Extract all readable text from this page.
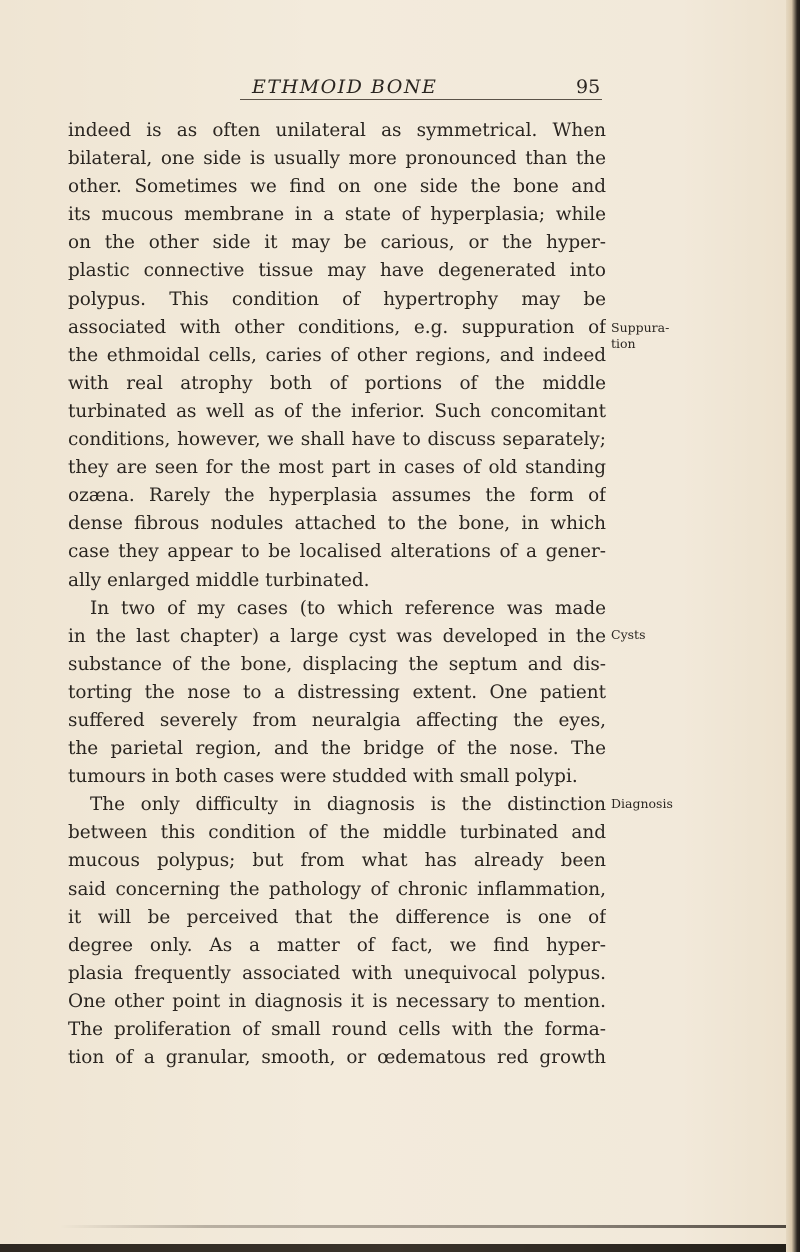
ETHMOID BONE	95
indeed is as often unilateral as symmetrical. When
bilateral, one side is usually more pronounced than the
other. Sometimes we find on one side the bone and
its mucous membrane in a state of hyperplasia; while
on the other side it may be carious, or the hyper-
plastic connective tissue may have degenerated into
polypus. This condition of hypertrophy may be
associated with other conditions, e.g. suppuration of
the ethmoidal cells, caries of other regions, and indeed
with real atrophy both of portions of the middle
turbinated as well as of the inferior. Such concomitant
conditions, however, we shall have to discuss separately;
they are seen for the most part in cases of old standing
ozæna. Rarely the hyperplasia assumes the form of
dense fibrous nodules attached to the bone, in which
case they appear to be localised alterations of a gener-
ally enlarged middle turbinated.
In two of my cases (to which reference was made
in the last chapter) a large cyst was developed in the
substance of the bone, displacing the septum and dis-
torting the nose to a distressing extent. One patient
suffered severely from neuralgia affecting the eyes,
the parietal region, and the bridge of the nose. The
tumours in both cases were studded with small polypi.
The only difficulty in diagnosis is the distinction
between this condition of the middle turbinated and
mucous polypus; but from what has already been
said concerning the pathology of chronic inflammation,
it will be perceived that the difference is one of
degree only. As a matter of fact, we find hyper-
plasia frequently associated with unequivocal polypus.
One other point in diagnosis it is necessary to mention.
The proliferation of small round cells with the forma-
tion of a granular, smooth, or œdematous red growth
Suppura-
tion
Cysts
Diagnosis
